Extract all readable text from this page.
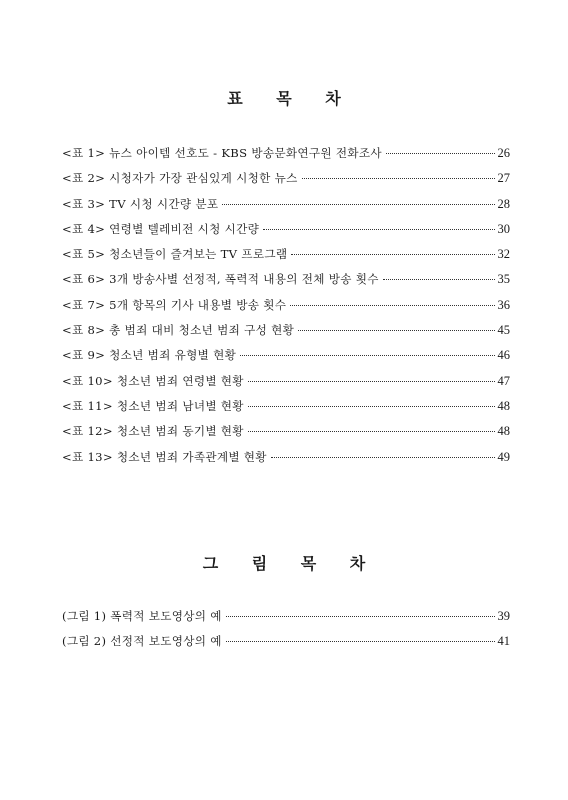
표 목 차
<표 1> 뉴스 아이템 선호도 - KBS 방송문화연구원 전화조사	26
<표 2> 시청자가 가장 관심있게 시청한 뉴스	27
<표 3> TV 시청 시간량 분포	28
<표 4> 연령별 텔레비전 시청 시간량	30
<표 5> 청소년들이 즐겨보는 TV 프로그램	32
<표 6> 3개 방송사별 선정적, 폭력적 내용의 전체 방송 횟수	35
<표 7> 5개 항목의 기사 내용별 방송 횟수	36
<표 8> 총 범죄 대비 청소년 범죄 구성 현황	45
<표 9> 청소년 범죄 유형별 현황	46
<표 10> 청소년 범죄 연령별 현황	47
<표 11> 청소년 범죄 남녀별 현황	48
<표 12> 청소년 범죄 동기별 현황	48
<표 13> 청소년 범죄 가족관계별 현황	49
그 림 목 차
(그림 1) 폭력적 보도영상의 예	39
(그림 2) 선정적 보도영상의 예	41
